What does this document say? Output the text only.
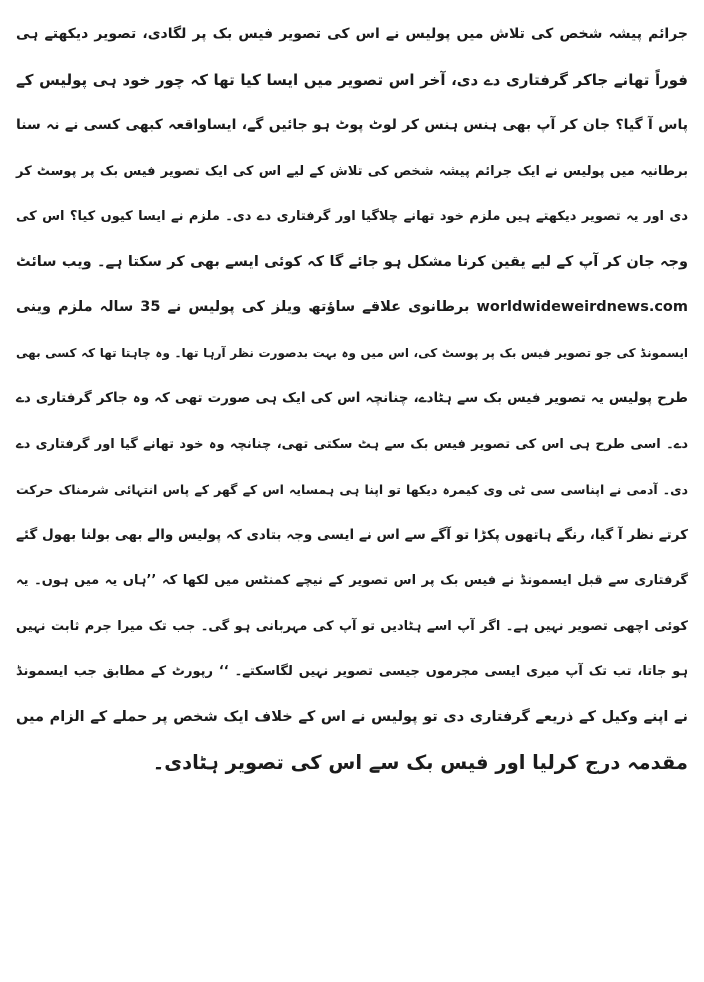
جرائم پیشہ شخص کی تلاش میں پولیس نے اس کی تصویر فیس بک پر لگادی، تصویر دیکھتے ہی
فوراً تھانے جاکر گرفتاری دے دی، آخر اس تصویر میں ایسا کیا تھا کہ چور خود ہی پولیس کے
پاس آ گیا؟ جان کر آپ بھی ہنس ہنس کر لوٹ پوٹ ہو جائیں گے، ایساواقعہ کبھی کسی نے نہ سنا
برطانیہ میں پولیس نے ایک جرائم پیشہ شخص کی تلاش کے لیے اس کی ایک تصویر فیس بک پر پوسٹ کر
دی اور یہ تصویر دیکھتے ہیں ملزم خود تھانے چلاگیا اور گرفتاری دے دی۔ ملزم نے ایسا کیوں کیا؟ اس کی
وجہ جان کر آپ کے لیے یقین کرنا مشکل ہو جائے گا کہ کوئی ایسے بھی کر سکتا ہے۔ ویب سائٹ
worldwideweirdnews.com برطانوی علاقے ساؤتھ ویلز کی پولیس نے 35 سالہ ملزم وینی
ایسمونڈ کی جو تصویر فیس بک پر پوسٹ کی، اس میں وہ بہت بدصورت نظر آرہا تھا۔ وہ چاہتا تھا کہ کسی بھی
طرح پولیس یہ تصویر فیس بک سے ہٹادے، چنانچہ اس کی ایک ہی صورت تھی کہ وہ جاکر گرفتاری دے
دے۔ اسی طرح ہی اس کی تصویر فیس بک سے ہٹ سکتی تھی، چنانچہ وہ خود تھانے گیا اور گرفتاری دے
دی۔ آدمی نے اپناسی سی ٹی وی کیمرہ دیکھا تو اپنا ہی ہمسایہ اس کے گھر کے پاس انتہائی شرمناک حرکت
کرتے نظر آ گیا، رنگے ہاتھوں پکڑا تو آگے سے اس نے ایسی وجہ بتادی کہ پولیس والے بھی بولنا بھول گئے
گرفتاری سے قبل ایسمونڈ نے فیس بک پر اس تصویر کے نیچے کمنٹس میں لکھا کہ ’’ہاں یہ میں ہوں۔ یہ
کوئی اچھی تصویر نہیں ہے۔ اگر آپ اسے ہٹادیں تو آپ کی مہربانی ہو گی۔ جب تک میرا جرم ثابت نہیں
ہو جاتا، تب تک آپ میری ایسی مجرموں جیسی تصویر نہیں لگاسکتے۔ ‘‘ رپورٹ کے مطابق جب ایسمونڈ
نے اپنے وکیل کے ذریعے گرفتاری دی تو پولیس نے اس کے خلاف ایک شخص پر حملے کے الزام میں
مقدمہ درج کرلیا اور فیس بک سے اس کی تصویر ہٹادی۔
